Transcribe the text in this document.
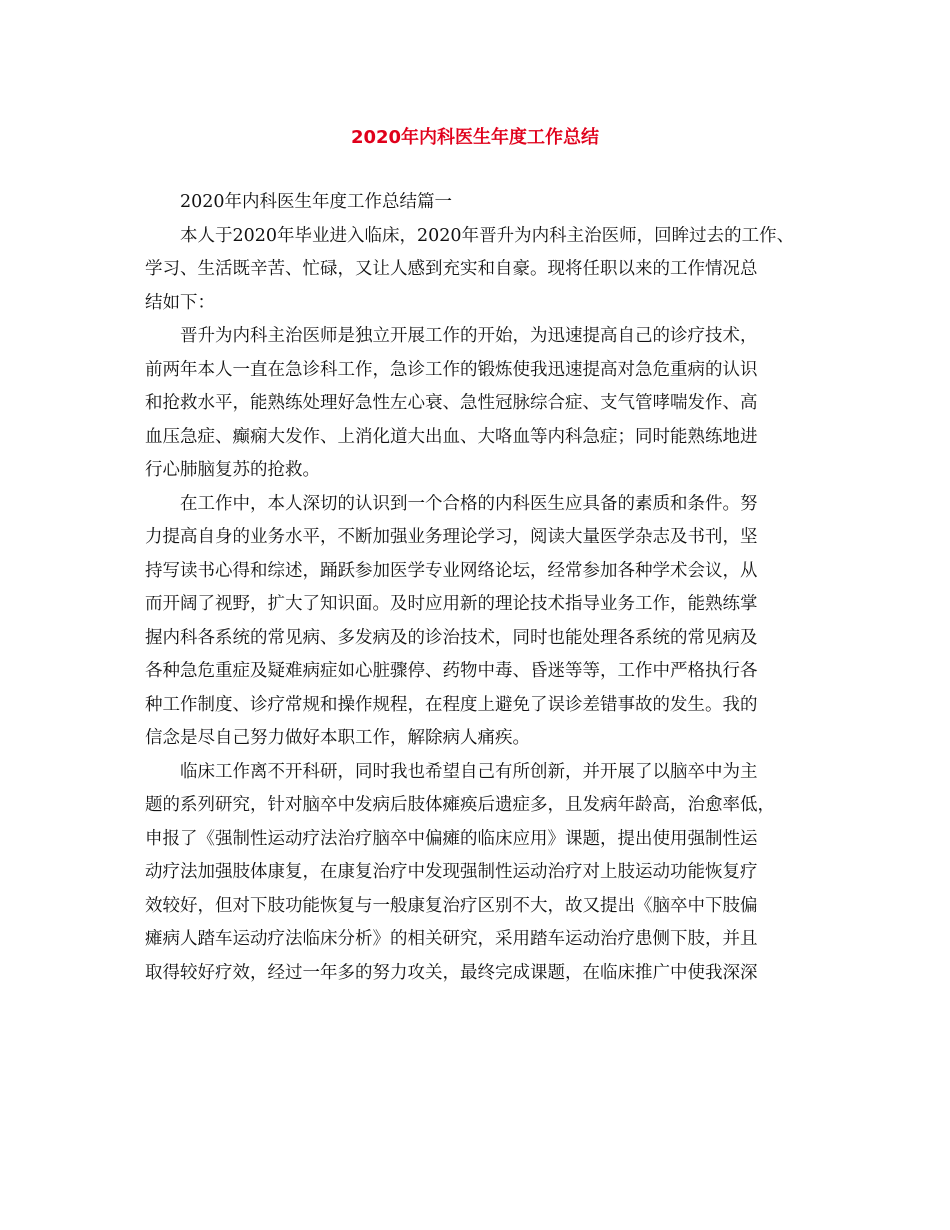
2020年内科医生年度工作总结
2020年内科医生年度工作总结篇一
本人于2020年毕业进入临床，2020年晋升为内科主治医师，回眸过去的工作、
学习、生活既辛苦、忙碌，又让人感到充实和自豪。现将任职以来的工作情况总
结如下：
晋升为内科主治医师是独立开展工作的开始，为迅速提高自己的诊疗技术，
前两年本人一直在急诊科工作，急诊工作的锻炼使我迅速提高对急危重病的认识
和抢救水平，能熟练处理好急性左心衰、急性冠脉综合症、支气管哮喘发作、高
血压急症、癫痫大发作、上消化道大出血、大咯血等内科急症；同时能熟练地进
行心肺脑复苏的抢救。
在工作中，本人深切的认识到一个合格的内科医生应具备的素质和条件。努
力提高自身的业务水平，不断加强业务理论学习，阅读大量医学杂志及书刊，坚
持写读书心得和综述，踊跃参加医学专业网络论坛，经常参加各种学术会议，从
而开阔了视野，扩大了知识面。及时应用新的理论技术指导业务工作，能熟练掌
握内科各系统的常见病、多发病及的诊治技术，同时也能处理各系统的常见病及
各种急危重症及疑难病症如心脏骤停、药物中毒、昏迷等等，工作中严格执行各
种工作制度、诊疗常规和操作规程，在程度上避免了误诊差错事故的发生。我的
信念是尽自己努力做好本职工作，解除病人痛疾。
临床工作离不开科研，同时我也希望自己有所创新，并开展了以脑卒中为主
题的系列研究，针对脑卒中发病后肢体瘫痪后遗症多，且发病年龄高，治愈率低，
申报了《强制性运动疗法治疗脑卒中偏瘫的临床应用》课题，提出使用强制性运
动疗法加强肢体康复，在康复治疗中发现强制性运动治疗对上肢运动功能恢复疗
效较好，但对下肢功能恢复与一般康复治疗区别不大，故又提出《脑卒中下肢偏
瘫病人踏车运动疗法临床分析》的相关研究，采用踏车运动治疗患侧下肢，并且
取得较好疗效，经过一年多的努力攻关，最终完成课题，在临床推广中使我深深
